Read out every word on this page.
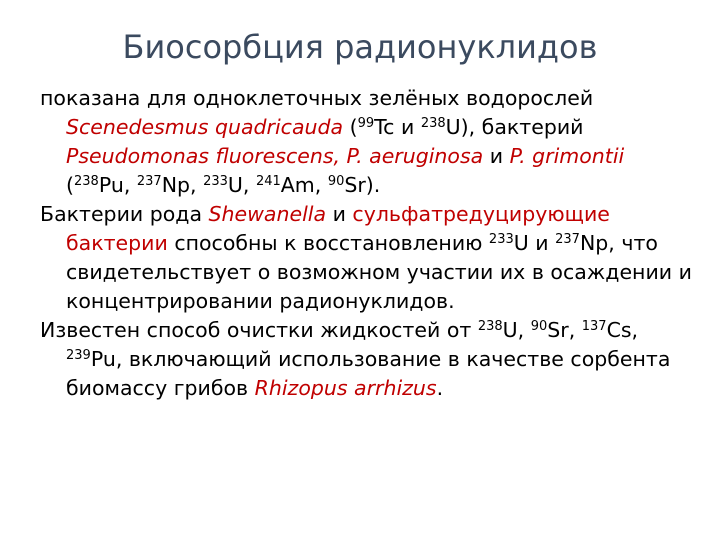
Биосорбция радионуклидов

показана для одноклеточных зелёных водорослей Scenedesmus quadricauda ($^{99}$Tc и $^{238}$U), бактерий Pseudomonas fluorescens, P. aeruginosa и P. grimontii ($^{238}$Pu, $^{237}$Np, $^{233}$U, $^{241}$Am, $^{90}$Sr).

Бактерии рода Shewanella и сульфатредуцирующие бактерии способны к восстановлению $^{233}$U и $^{237}$Np, что свидетельствует о возможном участии их в осаждении и концентрировании радионуклидов.

Известен способ очистки жидкостей от $^{238}$U, $^{90}$Sr, $^{137}$Cs, $^{239}$Pu, включающий использование в качестве сорбента биомассу грибов Rhizopus arrhizus.
